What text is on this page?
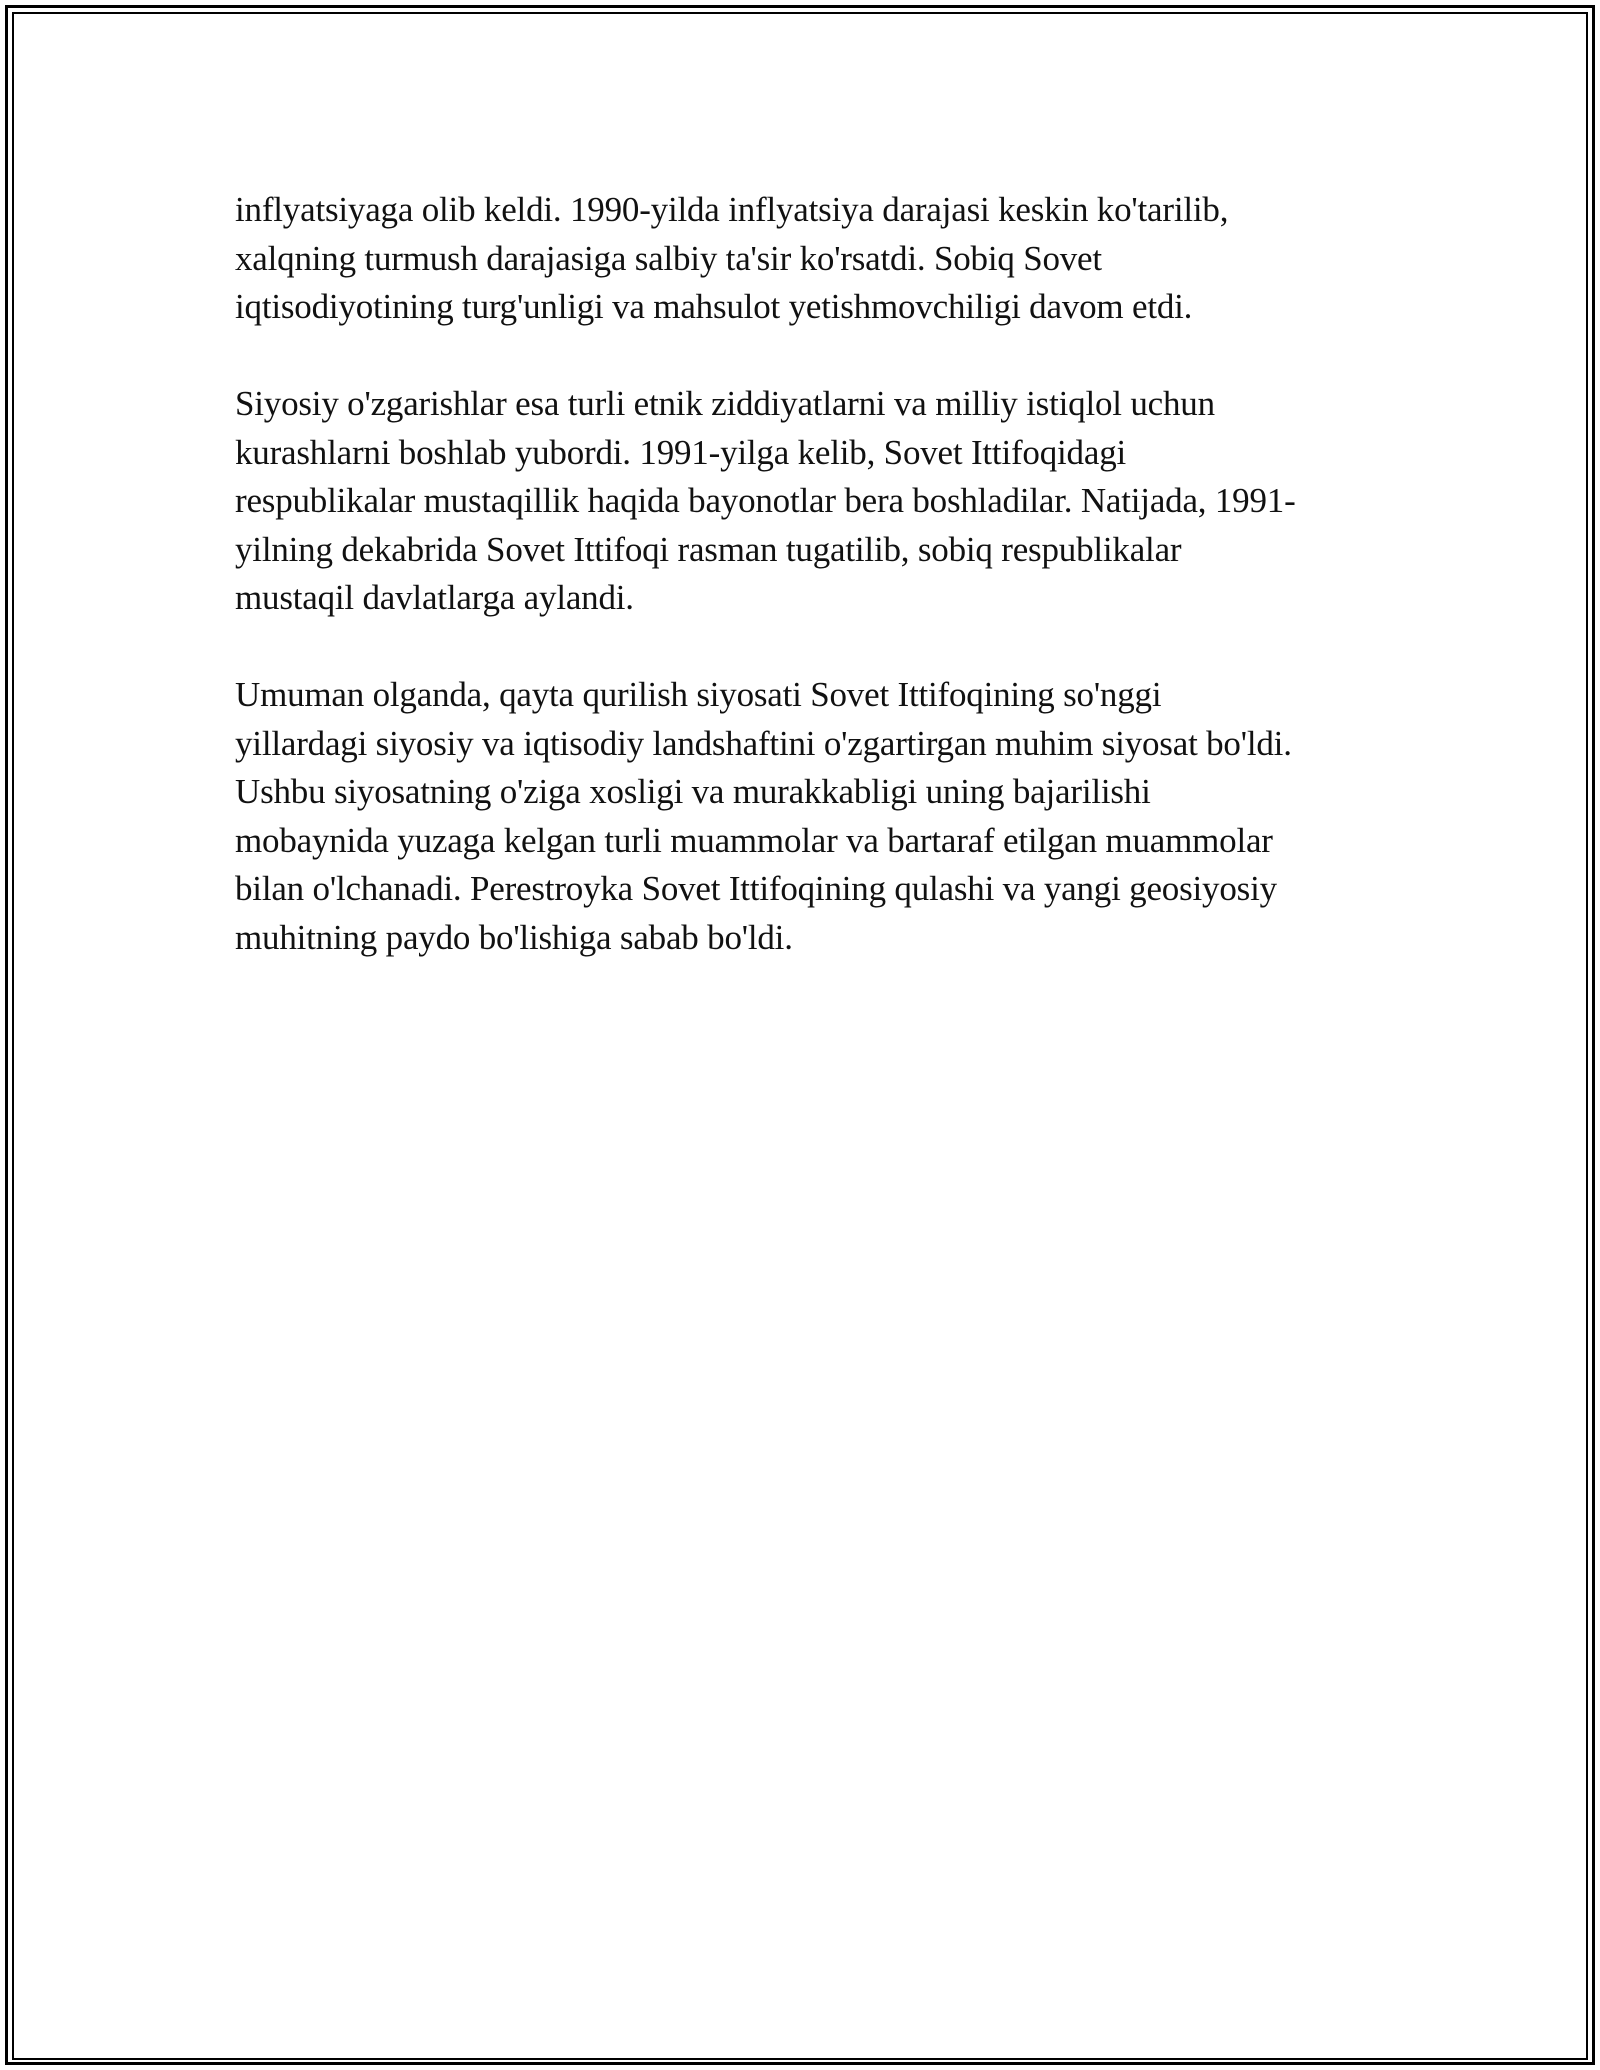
inflyatsiyaga olib keldi. 1990-yilda inflyatsiya darajasi keskin ko'tarilib,
xalqning turmush darajasiga salbiy ta'sir ko'rsatdi. Sobiq Sovet
iqtisodiyotining turg'unligi va mahsulot yetishmovchiligi davom etdi.

Siyosiy o'zgarishlar esa turli etnik ziddiyatlarni va milliy istiqlol uchun
kurashlarni boshlab yubordi. 1991-yilga kelib, Sovet Ittifoqidagi
respublikalar mustaqillik haqida bayonotlar bera boshladilar. Natijada, 1991-
yilning dekabrida Sovet Ittifoqi rasman tugatilib, sobiq respublikalar
mustaqil davlatlarga aylandi.

Umuman olganda, qayta qurilish siyosati Sovet Ittifoqining so'nggi
yillardagi siyosiy va iqtisodiy landshaftini o'zgartirgan muhim siyosat bo'ldi.
Ushbu siyosatning o'ziga xosligi va murakkabligi uning bajarilishi
mobaynida yuzaga kelgan turli muammolar va bartaraf etilgan muammolar
bilan o'lchanadi. Perestroyka Sovet Ittifoqining qulashi va yangi geosiyosiy
muhitning paydo bo'lishiga sabab bo'ldi.
